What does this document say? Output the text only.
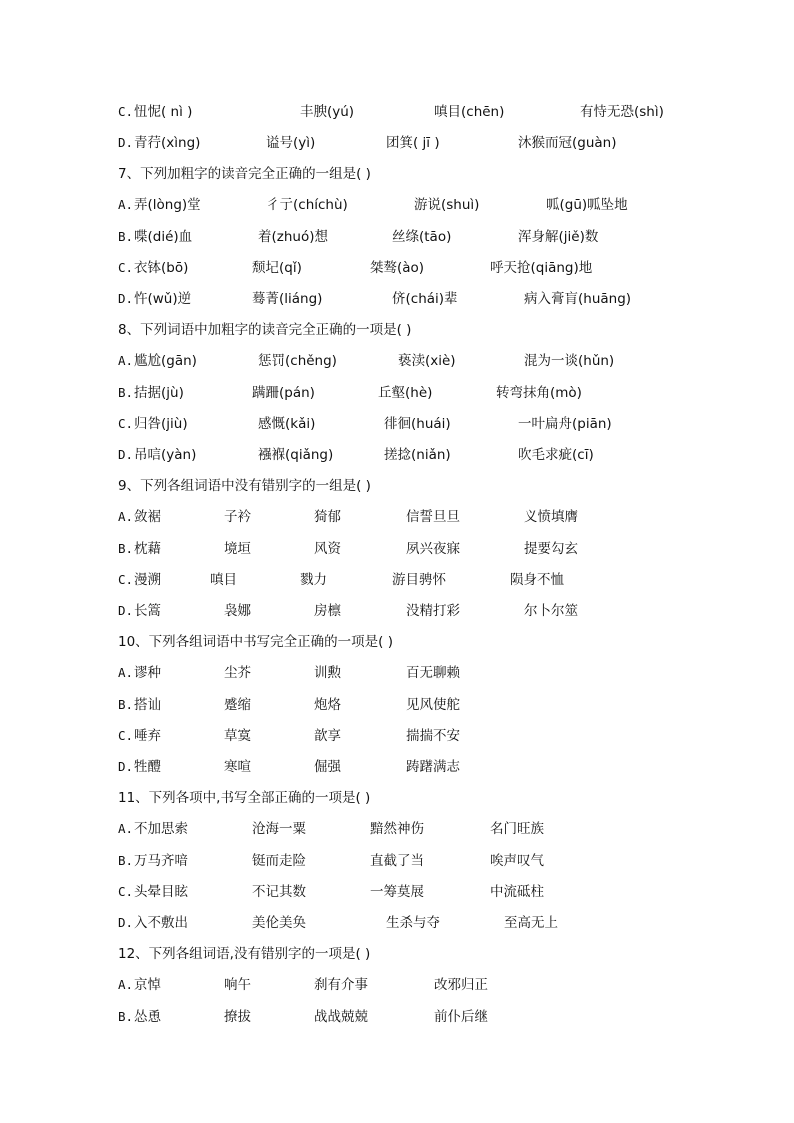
C. 忸怩( nì )	丰腴(yú)	嗔目(chēn)	有恃无恐(shì)
D. 青荇(xìng)	谥号(yì)	团箕( jī )	沐猴而冠(guàn)
7、下列加粗字的读音完全正确的一组是( )
A. 弄(lòng)堂	彳亍(chíchù)	游说(shuì)	呱(gū)呱坠地
B. 喋(dié)血	着(zhuó)想	丝绦(tāo)	浑身解(jiě)数
C. 衣钵(bō)	颓圮(qǐ)	桀骜(ào)	呼天抢(qiāng)地
D. 忤(wǔ)逆	蓦菁(liáng)	侪(chái)辈	病入膏肓(huāng)
8、下列词语中加粗字的读音完全正确的一项是( )
A. 尴尬(gān)	惩罚(chěng)	亵渎(xiè)	混为一谈(hǔn)
B. 拮据(jù)	蹒跚(pán)	丘壑(hè)	转弯抹角(mò)
C. 归咎(jiù)	感慨(kǎi)	徘徊(huái)	一叶扁舟(piān)
D. 吊唁(yàn)	襁褓(qiǎng)	搓捻(niǎn)	吹毛求疵(cī)
9、下列各组词语中没有错别字的一组是( )
A. 敛裾	子衿	猗郁	信誓旦旦	义愤填膺
B. 枕藉	境垣	风资	夙兴夜寐	提要勾玄
C. 漫溯	嗔目	戮力	游目骋怀	陨身不恤
D. 长篙	袅娜	房檩	没精打彩	尔卜尔筮
10、下列各组词语中书写完全正确的一项是( )
A. 谬种	尘芥	训勲	百无聊赖
B. 搭讪	蹙缩	炮烙	见风使舵
C. 唾弃	草寞	歆享	揣揣不安
D. 牲醴	寒喧	倔强	踌躇满志
11、下列各项中,书写全部正确的一项是( )
A. 不加思索	沧海一粟	黯然神伤	名门旺族
B. 万马齐喑	铤而走险	直截了当	唉声叹气
C. 头晕目眩	不记其数	一筹莫展	中流砥柱
D. 入不敷出	美伦美奂	生杀与夺	至高无上
12、下列各组词语,没有错别字的一项是( )
A. 京悼	响午	刹有介事	改邪归正
B. 怂恿	撩拔	战战兢兢	前仆后继
